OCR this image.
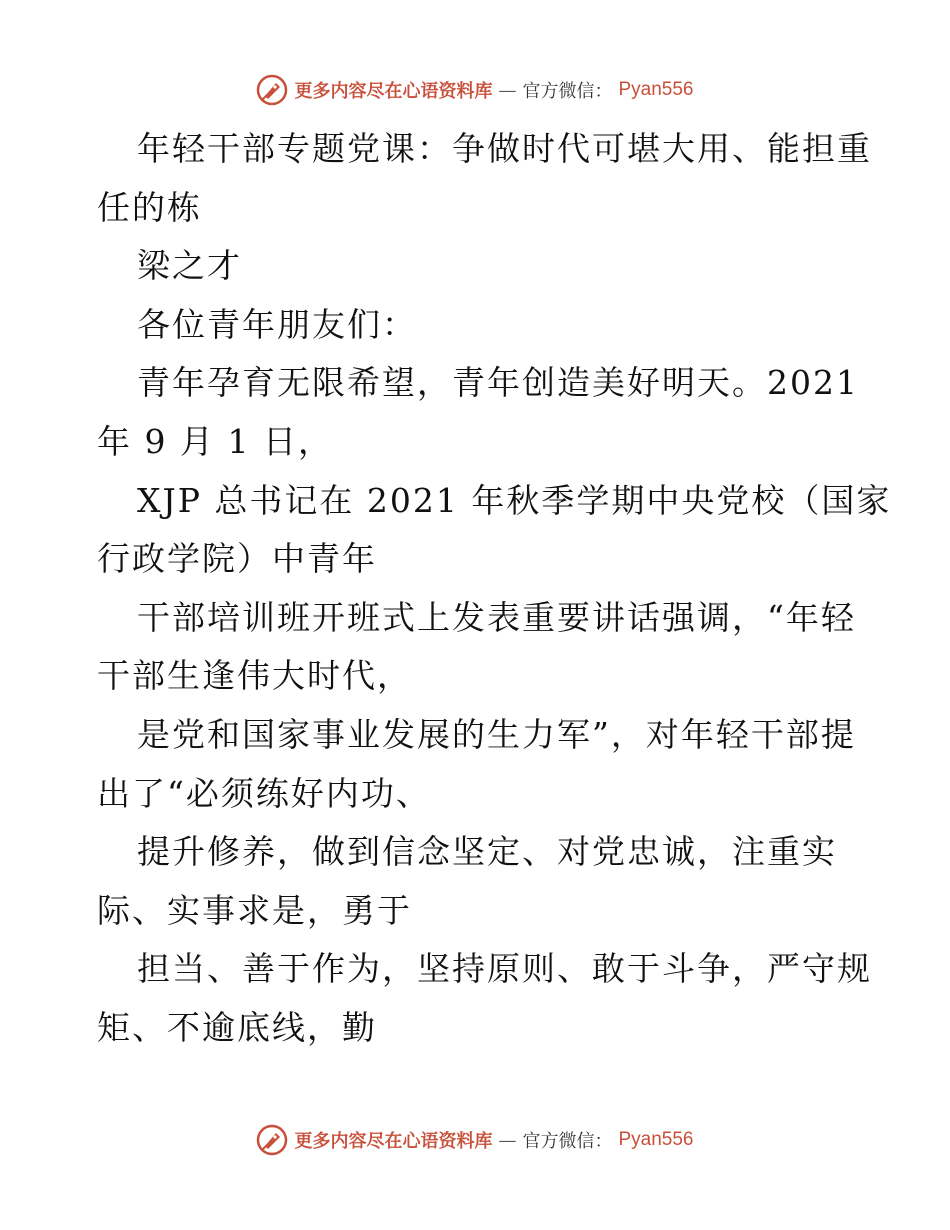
更多内容尽在心语资料库 — 官方微信： Pyan556
年轻干部专题党课：争做时代可堪大用、能担重
任的栋
梁之才
各位青年朋友们：
青年孕育无限希望，青年创造美好明天。2021
年 9 月 1 日，
XJP 总书记在 2021 年秋季学期中央党校（国家
行政学院）中青年
干部培训班开班式上发表重要讲话强调，“年轻
干部生逢伟大时代，
是党和国家事业发展的生力军”，对年轻干部提
出了“必须练好内功、
提升修养，做到信念坚定、对党忠诚，注重实
际、实事求是，勇于
担当、善于作为，坚持原则、敢于斗争，严守规
矩、不逾底线，勤
更多内容尽在心语资料库 — 官方微信： Pyan556
